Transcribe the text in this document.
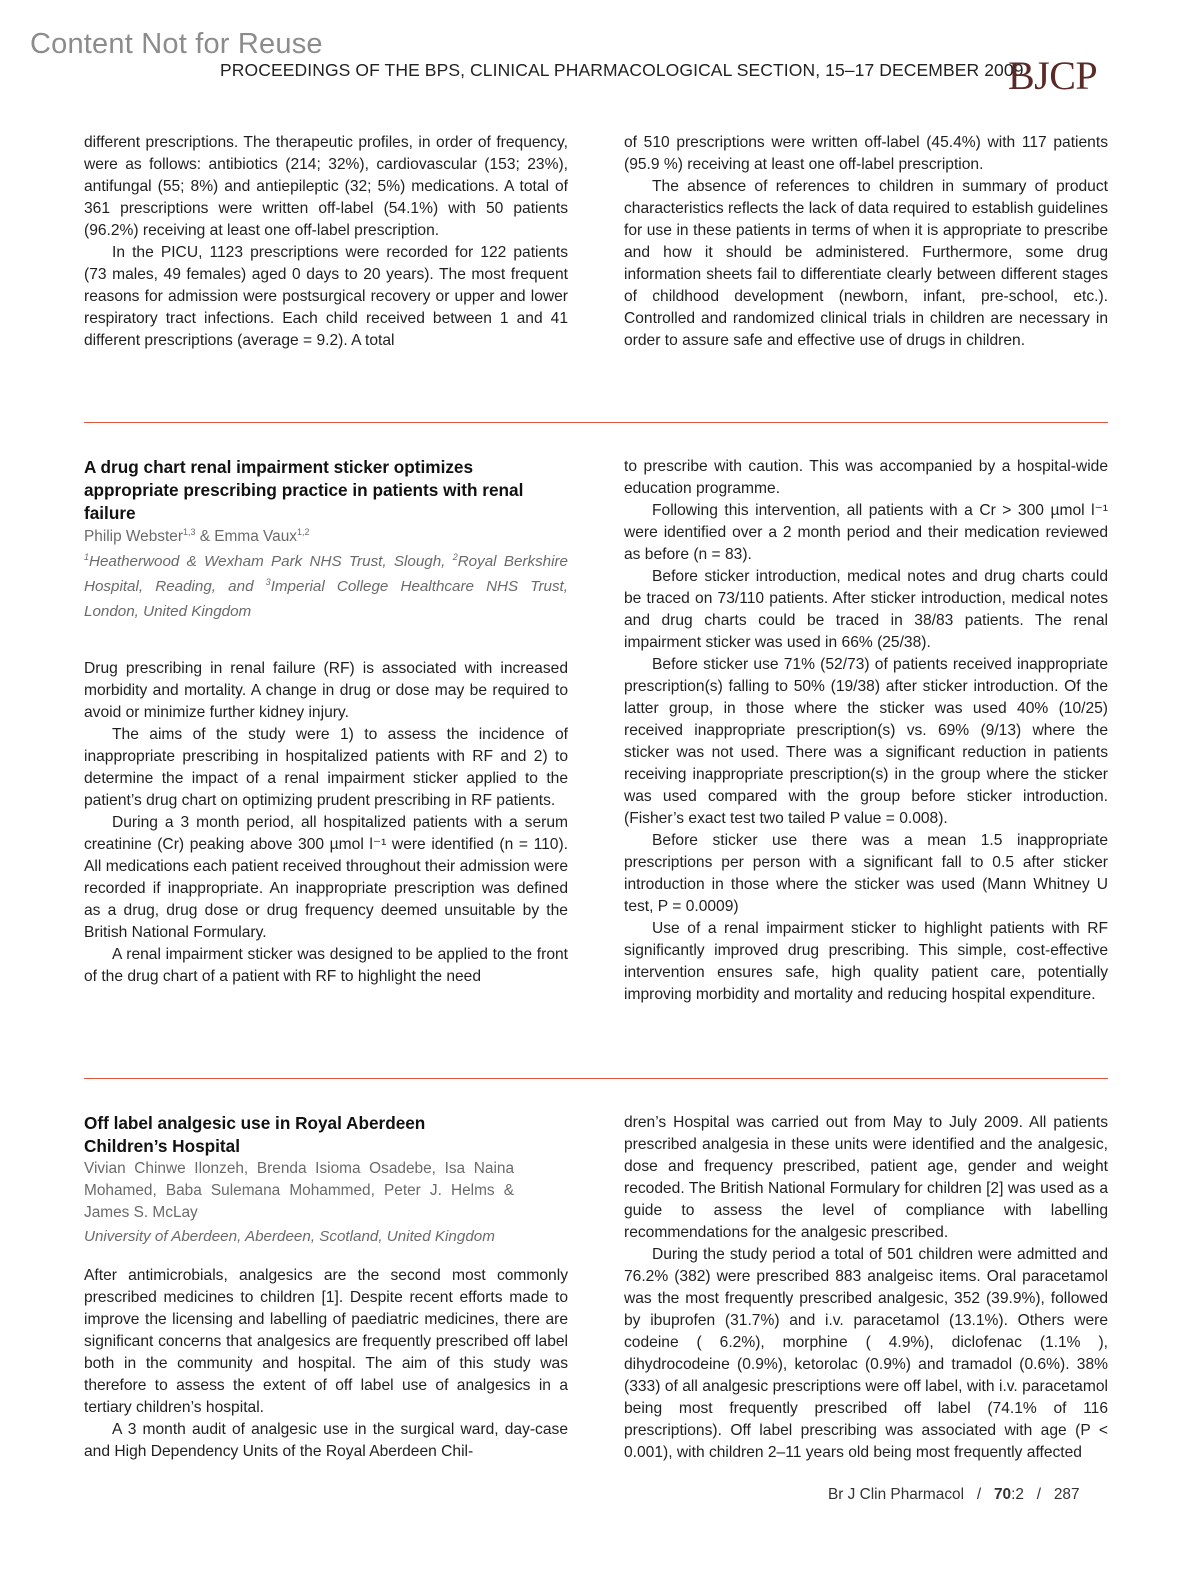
Content Not for Reuse
PROCEEDINGS OF THE BPS, CLINICAL PHARMACOLOGICAL SECTION, 15–17 DECEMBER 2009
BJCP

different prescriptions. The therapeutic profiles, in order of frequency, were as follows: antibiotics (214; 32%), cardiovascular (153; 23%), antifungal (55; 8%) and antiepileptic (32; 5%) medications. A total of 361 prescriptions were written off-label (54.1%) with 50 patients (96.2%) receiving at least one off-label prescription.

In the PICU, 1123 prescriptions were recorded for 122 patients (73 males, 49 females) aged 0 days to 20 years). The most frequent reasons for admission were postsurgical recovery or upper and lower respiratory tract infections. Each child received between 1 and 41 different prescriptions (average = 9.2). A total

of 510 prescriptions were written off-label (45.4%) with 117 patients (95.9 %) receiving at least one off-label prescription.

The absence of references to children in summary of product characteristics reflects the lack of data required to establish guidelines for use in these patients in terms of when it is appropriate to prescribe and how it should be administered. Furthermore, some drug information sheets fail to differentiate clearly between different stages of childhood development (newborn, infant, pre-school, etc.). Controlled and randomized clinical trials in children are necessary in order to assure safe and effective use of drugs in children.

A drug chart renal impairment sticker optimizes appropriate prescribing practice in patients with renal failure

Philip Webster$^{1,3}$ & Emma Vaux$^{1,2}$

$^1$Heatherwood & Wexham Park NHS Trust, Slough, $^2$Royal Berkshire Hospital, Reading, and $^3$Imperial College Healthcare NHS Trust, London, United Kingdom

Drug prescribing in renal failure (RF) is associated with increased morbidity and mortality. A change in drug or dose may be required to avoid or minimize further kidney injury.

The aims of the study were 1) to assess the incidence of inappropriate prescribing in hospitalized patients with RF and 2) to determine the impact of a renal impairment sticker applied to the patient’s drug chart on optimizing prudent prescribing in RF patients.

During a 3 month period, all hospitalized patients with a serum creatinine (Cr) peaking above 300 µmol l⁻¹ were identified (n = 110). All medications each patient received throughout their admission were recorded if inappropriate. An inappropriate prescription was defined as a drug, drug dose or drug frequency deemed unsuitable by the British National Formulary.

A renal impairment sticker was designed to be applied to the front of the drug chart of a patient with RF to highlight the need

to prescribe with caution. This was accompanied by a hospital-wide education programme.

Following this intervention, all patients with a Cr > 300 µmol l⁻¹ were identified over a 2 month period and their medication reviewed as before (n = 83).

Before sticker introduction, medical notes and drug charts could be traced on 73/110 patients. After sticker introduction, medical notes and drug charts could be traced in 38/83 patients. The renal impairment sticker was used in 66% (25/38).

Before sticker use 71% (52/73) of patients received inappropriate prescription(s) falling to 50% (19/38) after sticker introduction. Of the latter group, in those where the sticker was used 40% (10/25) received inappropriate prescription(s) vs. 69% (9/13) where the sticker was not used. There was a significant reduction in patients receiving inappropriate prescription(s) in the group where the sticker was used compared with the group before sticker introduction. (Fisher’s exact test two tailed P value = 0.008).

Before sticker use there was a mean 1.5 inappropriate prescriptions per person with a significant fall to 0.5 after sticker introduction in those where the sticker was used (Mann Whitney U test, P = 0.0009)

Use of a renal impairment sticker to highlight patients with RF significantly improved drug prescribing. This simple, cost-effective intervention ensures safe, high quality patient care, potentially improving morbidity and mortality and reducing hospital expenditure.

Off label analgesic use in Royal Aberdeen Children’s Hospital

Vivian Chinwe Ilonzeh, Brenda Isioma Osadebe, Isa Naina Mohamed, Baba Sulemana Mohammed, Peter J. Helms & James S. McLay

University of Aberdeen, Aberdeen, Scotland, United Kingdom

After antimicrobials, analgesics are the second most commonly prescribed medicines to children [1]. Despite recent efforts made to improve the licensing and labelling of paediatric medicines, there are significant concerns that analgesics are frequently prescribed off label both in the community and hospital. The aim of this study was therefore to assess the extent of off label use of analgesics in a tertiary children’s hospital.

A 3 month audit of analgesic use in the surgical ward, day-case and High Dependency Units of the Royal Aberdeen Chil-

dren’s Hospital was carried out from May to July 2009. All patients prescribed analgesia in these units were identified and the analgesic, dose and frequency prescribed, patient age, gender and weight recoded. The British National Formulary for children [2] was used as a guide to assess the level of compliance with labelling recommendations for the analgesic prescribed.

During the study period a total of 501 children were admitted and 76.2% (382) were prescribed 883 analgeisc items. Oral paracetamol was the most frequently prescribed analgesic, 352 (39.9%), followed by ibuprofen (31.7%) and i.v. paracetamol (13.1%). Others were codeine ( 6.2%), morphine ( 4.9%), diclofenac (1.1% ), dihydrocodeine (0.9%), ketorolac (0.9%) and tramadol (0.6%). 38% (333) of all analgesic prescriptions were off label, with i.v. paracetamol being most frequently prescribed off label (74.1% of 116 prescriptions). Off label prescribing was associated with age (P < 0.001), with children 2–11 years old being most frequently affected

Br J Clin Pharmacol / 70:2 / 287
